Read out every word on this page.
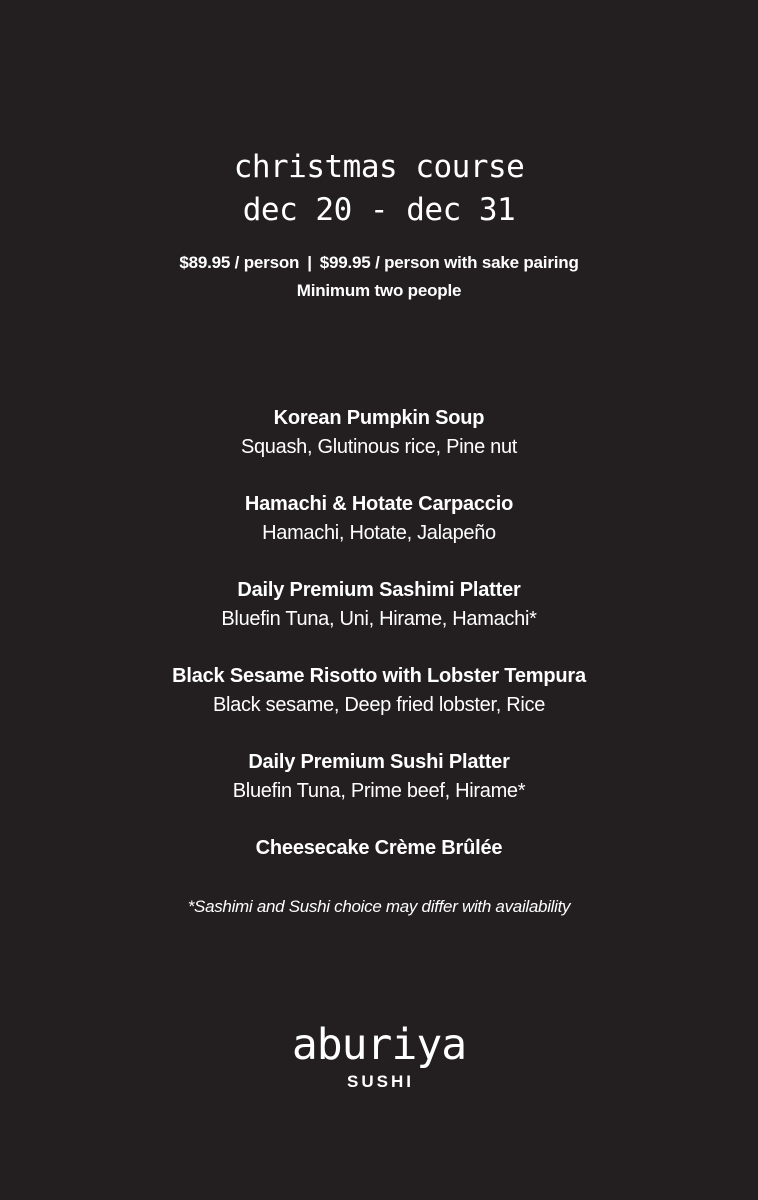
christmas course
dec 20 - dec 31
$89.95 / person | $99.95 / person with sake pairing
Minimum two people
Korean Pumpkin Soup
Squash, Glutinous rice, Pine nut
Hamachi & Hotate Carpaccio
Hamachi, Hotate, Jalapeño
Daily Premium Sashimi Platter
Bluefin Tuna, Uni, Hirame, Hamachi*
Black Sesame Risotto with Lobster Tempura
Black sesame, Deep fried lobster, Rice
Daily Premium Sushi Platter
Bluefin Tuna, Prime beef, Hirame*
Cheesecake Crème Brûlée
*Sashimi and Sushi choice may differ with availability
aburiya
SUSHI
